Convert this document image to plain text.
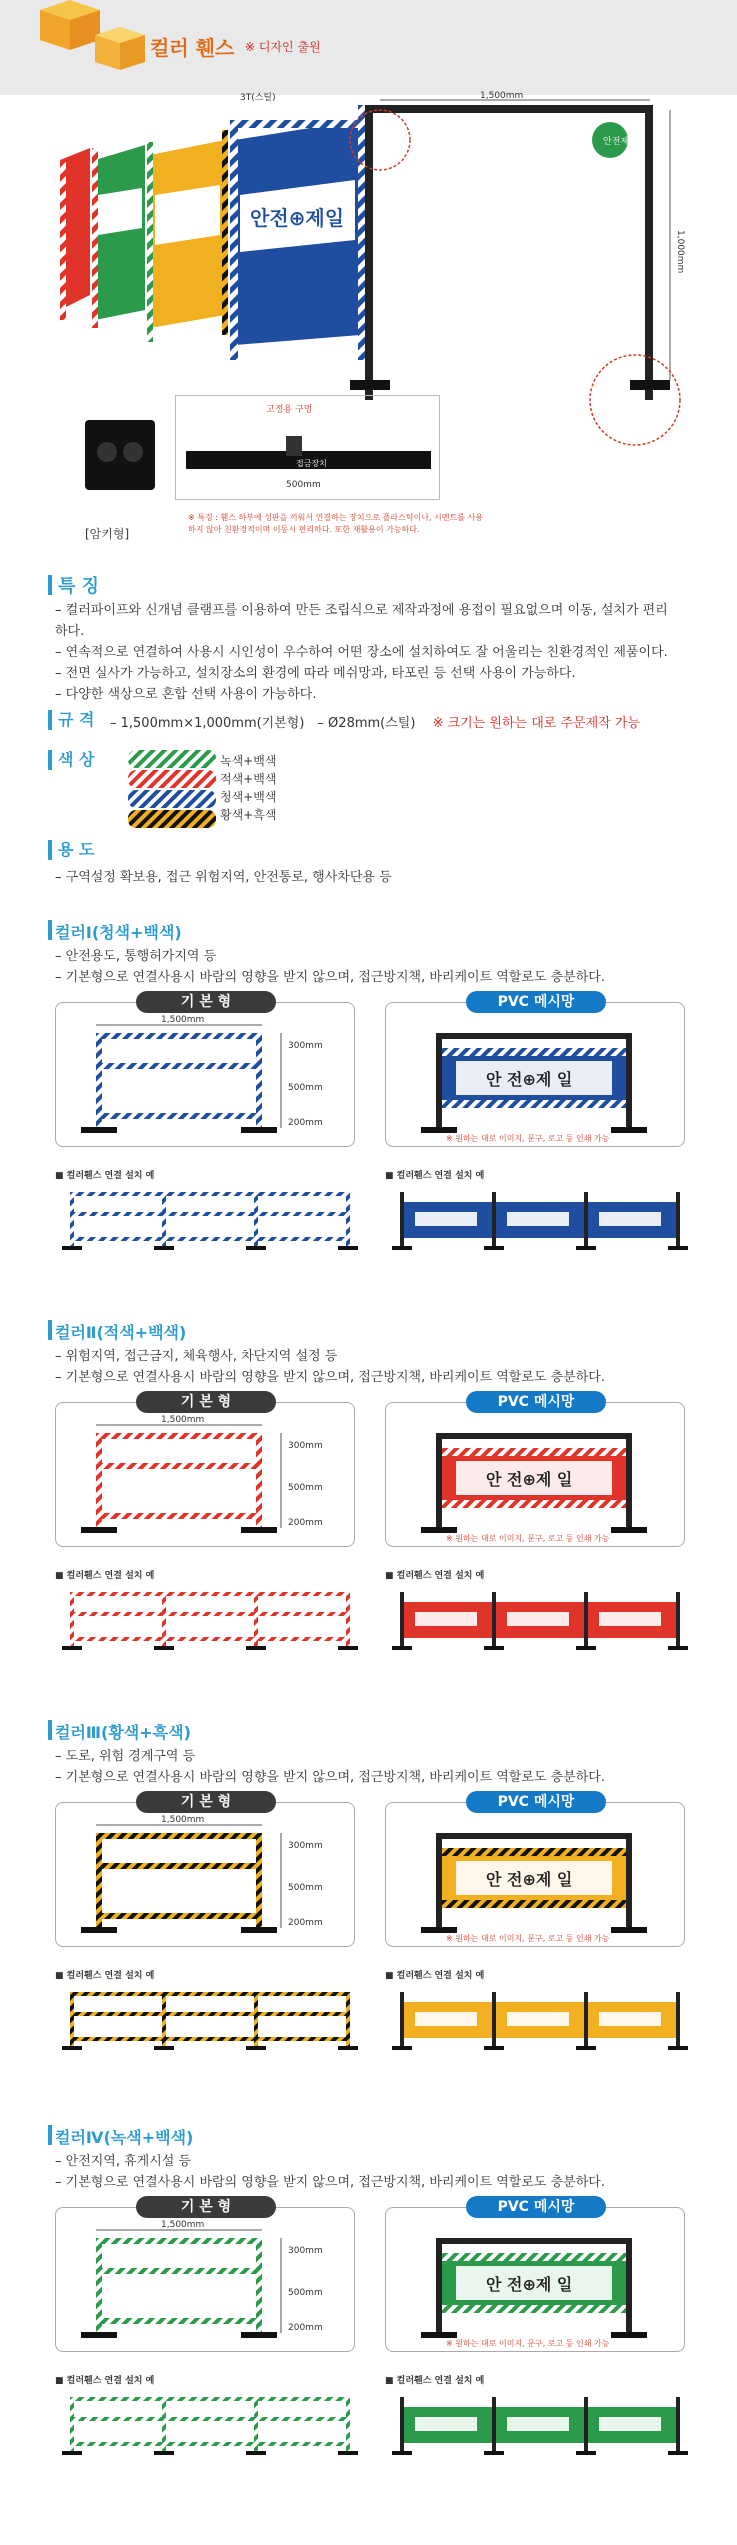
컬러 휀스 ※ 디자인 출원
안전⊕제일
1,500mm
1,000mm
3T(스틸)
안전제일
[암키형]
고정용 구멍
접금장치
500mm
※ 특징 : 휀스 하부에 성판을 끼워서 연결하는 장치으로 플라스틱이나, 시멘트를 사용하지 않아 친환경적이며 이동시 편리하다. 또한 재활용이 가능하다.
특 징
– 컬러파이프와 신개념 클램프를 이용하여 만든 조립식으로 제작과정에 용접이 필요없으며 이동, 설치가 편리하다.
– 연속적으로 연결하여 사용시 시인성이 우수하여 어떤 장소에 설치하여도 잘 어울리는 친환경적인 제품이다.
– 전면 실사가 가능하고, 설치장소의 환경에 따라 메쉬망과, 타포린 등 선택 사용이 가능하다.
– 다양한 색상으로 혼합 선택 사용이 가능하다.
규 격 – 1,500mm×1,000mm(기본형)　– Ø28mm(스틸)　 ※ 크기는 원하는 대로 주문제작 가능
색 상	녹색+백색
적색+백색
청색+백색
황색+흑색
용 도
– 구역설정 확보용, 접근 위험지역, 안전통로, 행사차단용 등
컬러Ⅰ(청색+백색)
– 안전용도, 통행허가지역 등
– 기본형으로 연결사용시 바람의 영향을 받지 않으며, 접근방지책, 바리케이트 역할로도 충분하다.
기 본 형
1,500mm
300mm
500mm
200mm
PVC 메시망
안 전⊕제 일
※ 원하는 대로 이미지, 문구, 로고 등 인쇄 가능
■ 컬러휀스 연결 설치 예	■ 컬러휀스 연결 설치 예
컬러Ⅱ(적색+백색)
– 위험지역, 접근금지, 체육행사, 차단지역 설정 등
– 기본형으로 연결사용시 바람의 영향을 받지 않으며, 접근방지책, 바리케이트 역할로도 충분하다.
기 본 형
1,500mm
300mm
500mm
200mm
PVC 메시망
안 전⊕제 일
※ 원하는 대로 이미지, 문구, 로고 등 인쇄 가능
■ 컬러휀스 연결 설치 예	■ 컬러휀스 연결 설치 예
컬러Ⅲ(황색+흑색)
– 도로, 위험 경계구역 등
– 기본형으로 연결사용시 바람의 영향을 받지 않으며, 접근방지책, 바리케이트 역할로도 충분하다.
기 본 형
1,500mm
300mm
500mm
200mm
PVC 메시망
안 전⊕제 일
※ 원하는 대로 이미지, 문구, 로고 등 인쇄 가능
■ 컬러휀스 연결 설치 예	■ 컬러휀스 연결 설치 예
컬러Ⅳ(녹색+백색)
– 안전지역, 휴게시설 등
– 기본형으로 연결사용시 바람의 영향을 받지 않으며, 접근방지책, 바리케이트 역할로도 충분하다.
기 본 형
1,500mm
300mm
500mm
200mm
PVC 메시망
안 전⊕제 일
※ 원하는 대로 이미지, 문구, 로고 등 인쇄 가능
■ 컬러휀스 연결 설치 예	■ 컬러휀스 연결 설치 예
